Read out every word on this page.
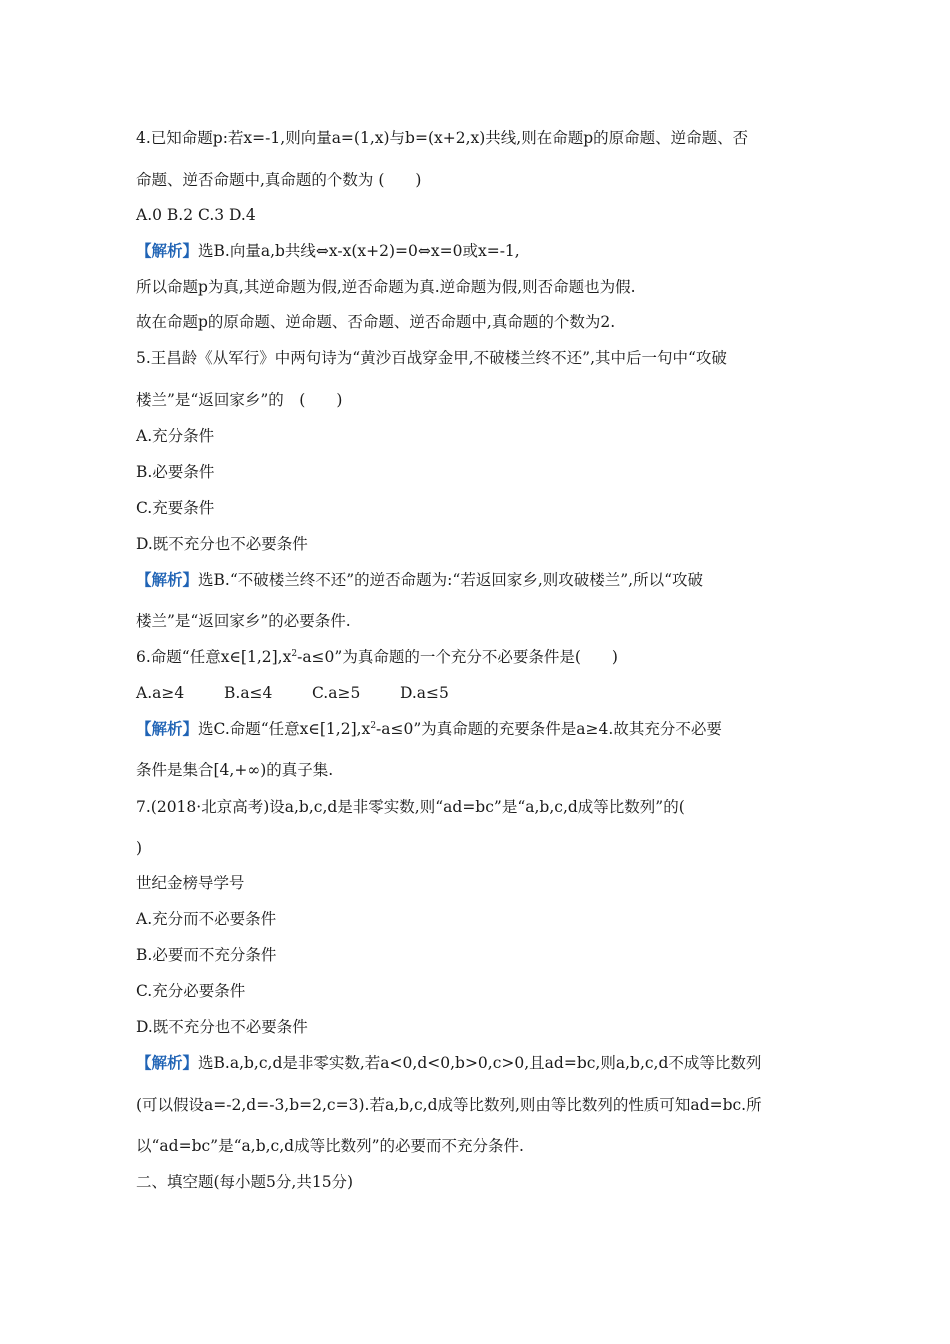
4.已知命题p:若x=-1,则向量a=(1,x)与b=(x+2,x)共线,则在命题p的原命题、逆命题、否
命题、逆否命题中,真命题的个数为 (　　)
A.0 B.2 C.3 D.4
【解析】选B.向量a,b共线⇔x-x(x+2)=0⇔x=0或x=-1,
所以命题p为真,其逆命题为假,逆否命题为真.逆命题为假,则否命题也为假.
故在命题p的原命题、逆命题、否命题、逆否命题中,真命题的个数为2.
5.王昌龄《从军行》中两句诗为“黄沙百战穿金甲,不破楼兰终不还”,其中后一句中“攻破
楼兰”是“返回家乡”的　(　　)
A.充分条件
B.必要条件
C.充要条件
D.既不充分也不必要条件
【解析】选B.“不破楼兰终不还”的逆否命题为:“若返回家乡,则攻破楼兰”,所以“攻破
楼兰”是“返回家乡”的必要条件.
6.命题“任意$x\in[1,2],x^2-a\le 0$”为真命题的一个充分不必要条件是(　　)
A.a≥4	B.a≤4	C.a≥5	D.a≤5
【解析】选C.命题“任意$x\in[1,2],x^2-a\le 0$”为真命题的充要条件是a≥4.故其充分不必要
条件是集合[4,+∞)的真子集.
7.(2018·北京高考)设a,b,c,d是非零实数,则“ad=bc”是“a,b,c,d成等比数列”的(
)
世纪金榜导学号
A.充分而不必要条件
B.必要而不充分条件
C.充分必要条件
D.既不充分也不必要条件
【解析】选B.a,b,c,d是非零实数,若a<0,d<0,b>0,c>0,且ad=bc,则a,b,c,d不成等比数列
(可以假设a=-2,d=-3,b=2,c=3).若a,b,c,d成等比数列,则由等比数列的性质可知ad=bc.所
以“ad=bc”是“a,b,c,d成等比数列”的必要而不充分条件.
二、填空题(每小题5分,共15分)
